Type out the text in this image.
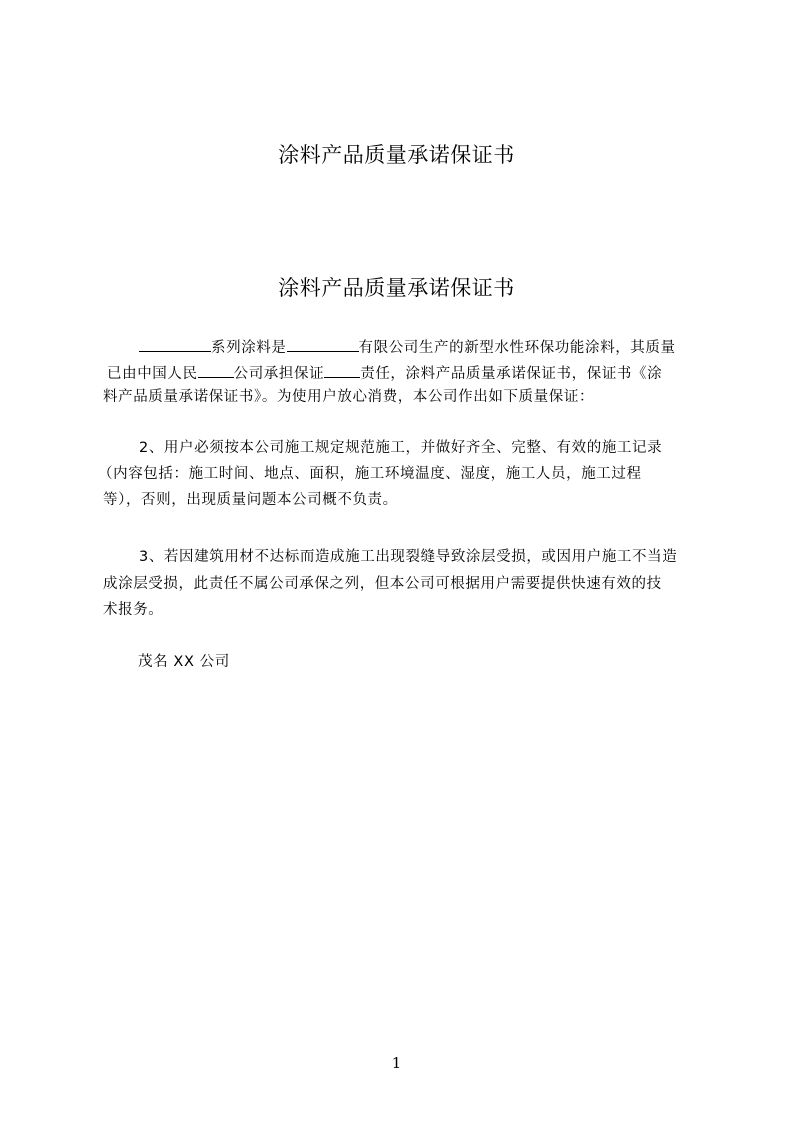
涂料产品质量承诺保证书
涂料产品质量承诺保证书
系列涂料是	有限公司生产的新型水性环保功能涂料，其质量
已由中国人民 公司承担保证 责任，涂料产品质量承诺保证书，保证书《涂
料产品质量承诺保证书》。为使用户放心消费，本公司作出如下质量保证：
2、用户必须按本公司施工规定规范施工，并做好齐全、完整、有效的施工记录
（内容包括：施工时间、地点、面积，施工环境温度、湿度，施工人员，施工过程
等），否则，出现质量问题本公司概不负责。
3、若因建筑用材不达标而造成施工出现裂缝导致涂层受损，或因用户施工不当造
成涂层受损，此责任不属公司承保之列，但本公司可根据用户需要提供快速有效的技
术报务。
茂名 XX 公司
1
